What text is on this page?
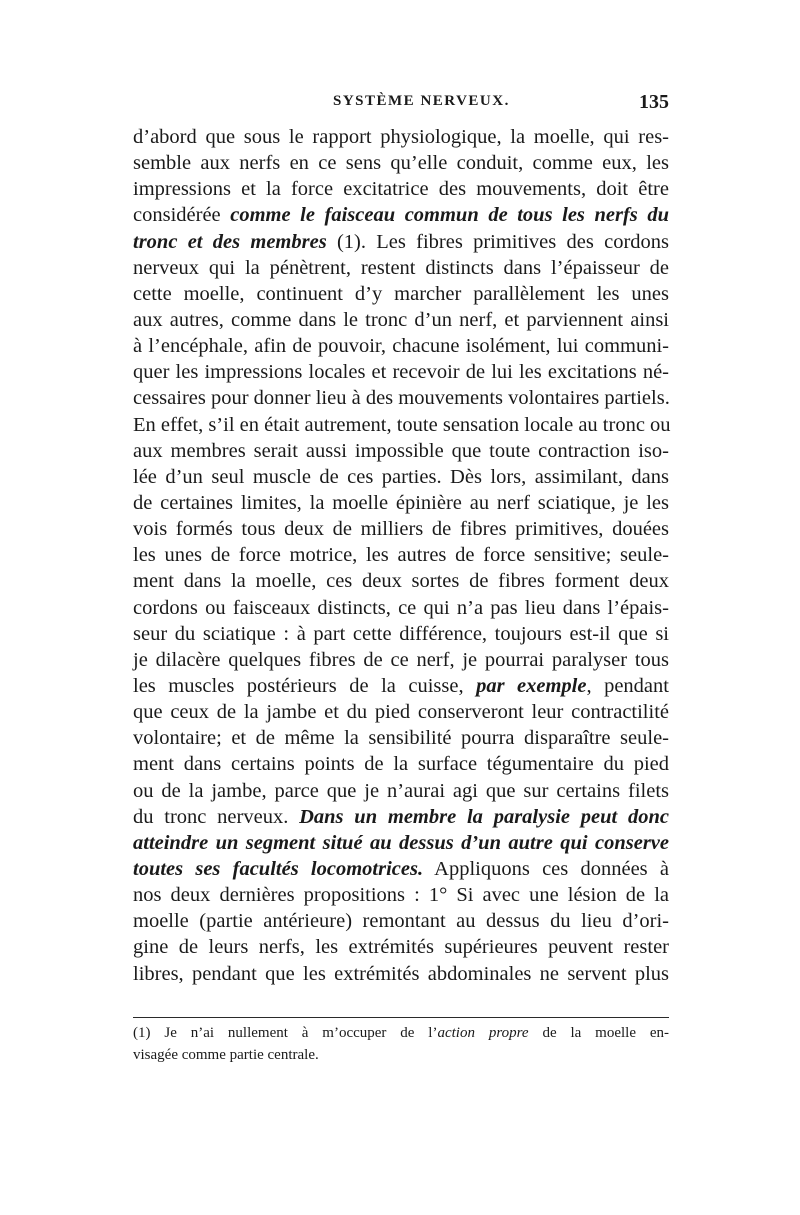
SYSTÈME NERVEUX.	135
d’abord que sous le rapport physiologique, la moelle, qui res-
semble aux nerfs en ce sens qu’elle conduit, comme eux, les
impressions et la force excitatrice des mouvements, doit être
considérée comme le faisceau commun de tous les nerfs du
tronc et des membres (1). Les fibres primitives des cordons
nerveux qui la pénètrent, restent distincts dans l’épaisseur de
cette moelle, continuent d’y marcher parallèlement les unes
aux autres, comme dans le tronc d’un nerf, et parviennent ainsi
à l’encéphale, afin de pouvoir, chacune isolément, lui communi-
quer les impressions locales et recevoir de lui les excitations né-
cessaires pour donner lieu à des mouvements volontaires partiels.
En effet, s’il en était autrement, toute sensation locale au tronc ou
aux membres serait aussi impossible que toute contraction iso-
lée d’un seul muscle de ces parties. Dès lors, assimilant, dans
de certaines limites, la moelle épinière au nerf sciatique, je les
vois formés tous deux de milliers de fibres primitives, douées
les unes de force motrice, les autres de force sensitive; seule-
ment dans la moelle, ces deux sortes de fibres forment deux
cordons ou faisceaux distincts, ce qui n’a pas lieu dans l’épais-
seur du sciatique : à part cette différence, toujours est-il que si
je dilacère quelques fibres de ce nerf, je pourrai paralyser tous
les muscles postérieurs de la cuisse, par exemple, pendant
que ceux de la jambe et du pied conserveront leur contractilité
volontaire; et de même la sensibilité pourra disparaître seule-
ment dans certains points de la surface tégumentaire du pied
ou de la jambe, parce que je n’aurai agi que sur certains filets
du tronc nerveux. Dans un membre la paralysie peut donc
atteindre un segment situé au dessus d’un autre qui conserve
toutes ses facultés locomotrices. Appliquons ces données à
nos deux dernières propositions : 1° Si avec une lésion de la
moelle (partie antérieure) remontant au dessus du lieu d’ori-
gine de leurs nerfs, les extrémités supérieures peuvent rester
libres, pendant que les extrémités abdominales ne servent plus
(1) Je n’ai nullement à m’occuper de l’action propre de la moelle en-
visagée comme partie centrale.
